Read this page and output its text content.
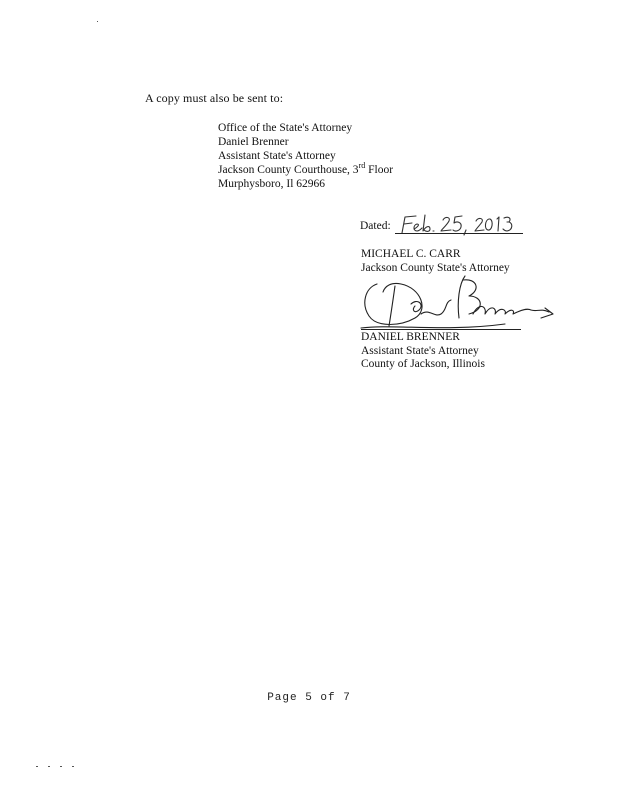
A copy must also be sent to:
Office of the State's Attorney
Daniel Brenner
Assistant State's Attorney
Jackson County Courthouse, 3rd Floor
Murphysboro, Il 62966
Dated:
MICHAEL C. CARR
Jackson County State's Attorney
DANIEL BRENNER
Assistant State's Attorney
County of Jackson, Illinois
Page 5 of 7
